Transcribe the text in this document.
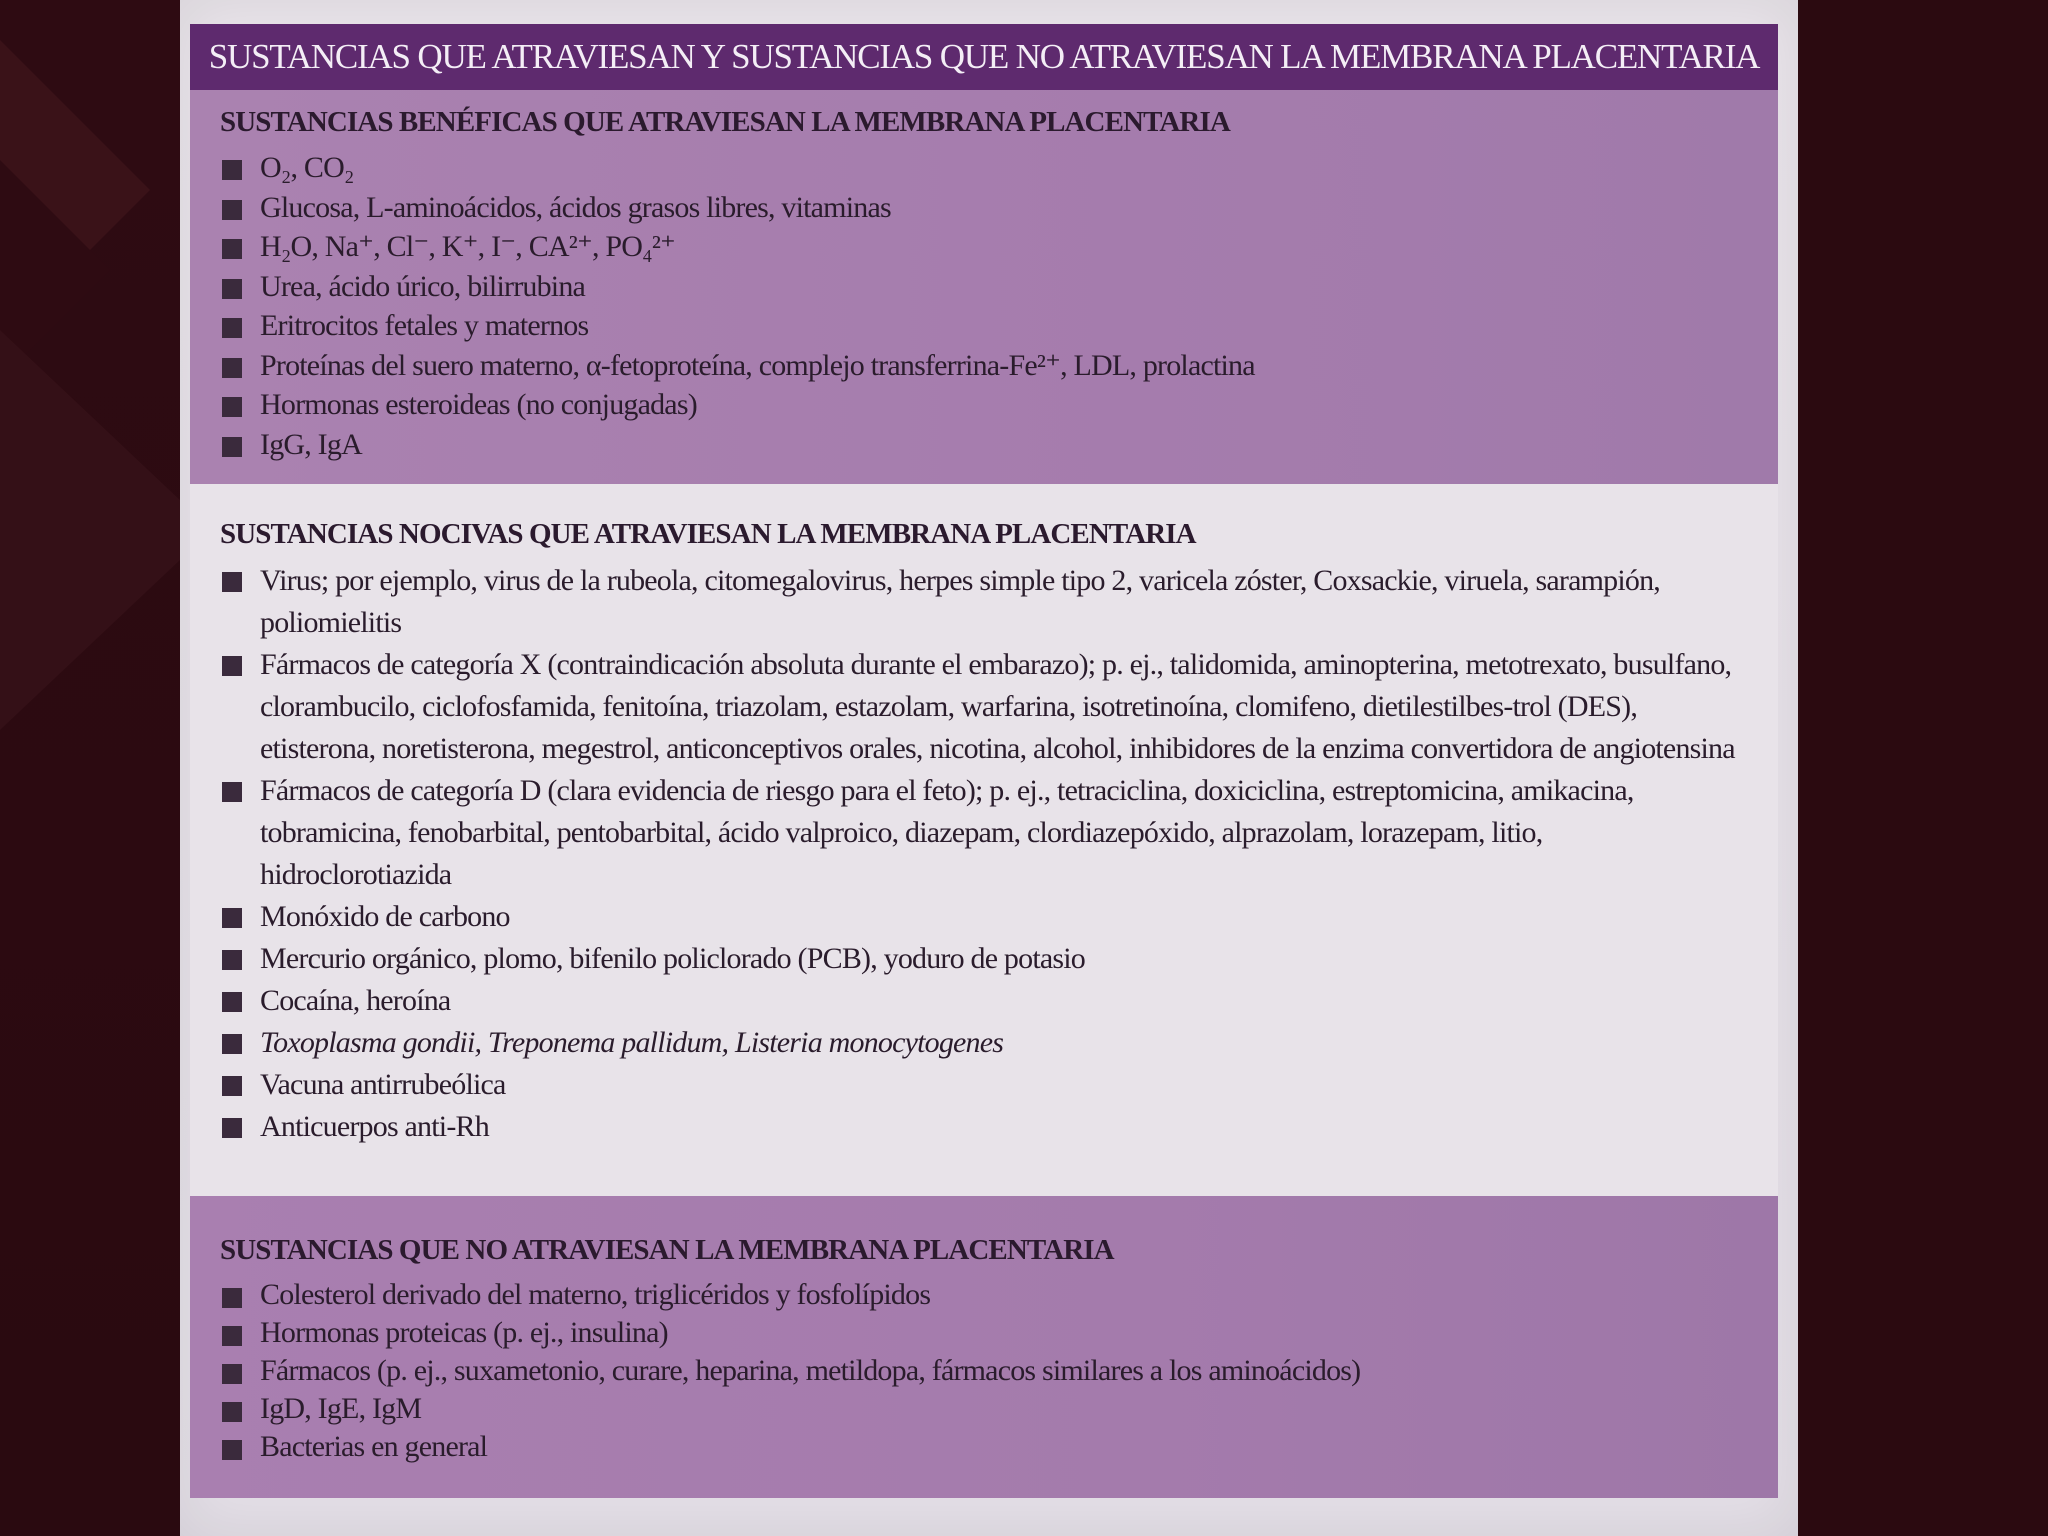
SUSTANCIAS QUE ATRAVIESAN Y SUSTANCIAS QUE NO ATRAVIESAN LA MEMBRANA PLACENTARIA
SUSTANCIAS BENÉFICAS QUE ATRAVIESAN LA MEMBRANA PLACENTARIA
O₂, CO₂
Glucosa, L-aminoácidos, ácidos grasos libres, vitaminas
H₂O, Na⁺, Cl⁻, K⁺, I⁻, CA²⁺, PO₄²⁺
Urea, ácido úrico, bilirrubina
Eritrocitos fetales y maternos
Proteínas del suero materno, α-fetoproteína, complejo transferrina-Fe²⁺, LDL, prolactina
Hormonas esteroideas (no conjugadas)
IgG, IgA
SUSTANCIAS NOCIVAS QUE ATRAVIESAN LA MEMBRANA PLACENTARIA
Virus; por ejemplo, virus de la rubeola, citomegalovirus, herpes simple tipo 2, varicela zóster, Coxsackie, viruela, sarampión, poliomielitis
Fármacos de categoría X (contraindicación absoluta durante el embarazo); p. ej., talidomida, aminopterina, metotrexato, busulfano, clorambucilo, ciclofosfamida, fenitoína, triazolam, estazolam, warfarina, isotretinoína, clomifeno, dietilestilbes-trol (DES), etisterona, noretisterona, megestrol, anticonceptivos orales, nicotina, alcohol, inhibidores de la enzima convertidora de angiotensina
Fármacos de categoría D (clara evidencia de riesgo para el feto); p. ej., tetraciclina, doxiciclina, estreptomicina, amikacina, tobramicina, fenobarbital, pentobarbital, ácido valproico, diazepam, clordiazepóxido, alprazolam, lorazepam, litio, hidroclorotiazida
Monóxido de carbono
Mercurio orgánico, plomo, bifenilo policlorado (PCB), yoduro de potasio
Cocaína, heroína
Toxoplasma gondii, Treponema pallidum, Listeria monocytogenes
Vacuna antirrubeólica
Anticuerpos anti-Rh
SUSTANCIAS QUE NO ATRAVIESAN LA MEMBRANA PLACENTARIA
Colesterol derivado del materno, triglicéridos y fosfolípidos
Hormonas proteicas (p. ej., insulina)
Fármacos (p. ej., suxametonio, curare, heparina, metildopa, fármacos similares a los aminoácidos)
IgD, IgE, IgM
Bacterias en general
